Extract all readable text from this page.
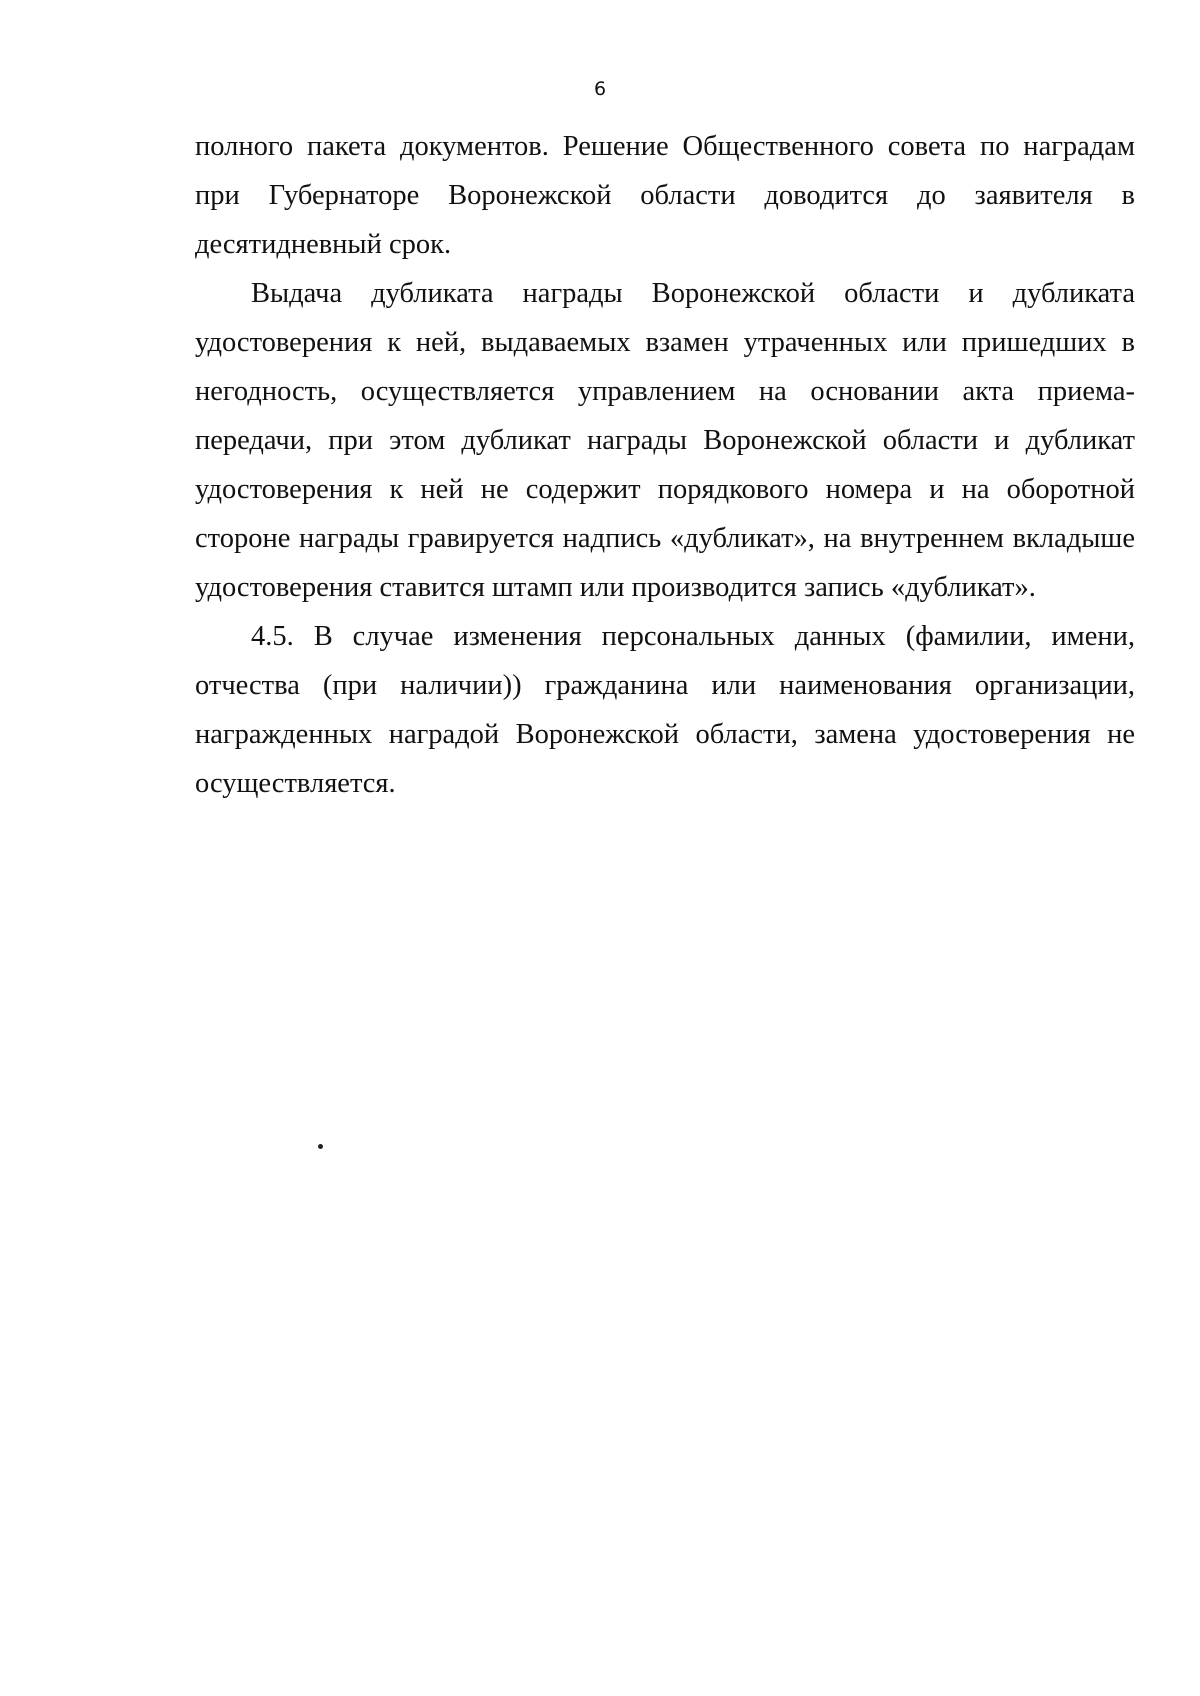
6

полного пакета документов. Решение Общественного совета по наградам при Губернаторе Воронежской области доводится до заявителя в десятидневный срок.

Выдача дубликата награды Воронежской области и дубликата удостоверения к ней, выдаваемых взамен утраченных или пришедших в негодность, осуществляется управлением на основании акта приема-передачи, при этом дубликат награды Воронежской области и дубликат удостоверения к ней не содержит порядкового номера и на оборотной стороне награды гравируется надпись «дубликат», на внутреннем вкладыше удостоверения ставится штамп или производится запись «дубликат».

4.5. В случае изменения персональных данных (фамилии, имени, отчества (при наличии)) гражданина или наименования организации, награжденных наградой Воронежской области, замена удостоверения не осуществляется.
